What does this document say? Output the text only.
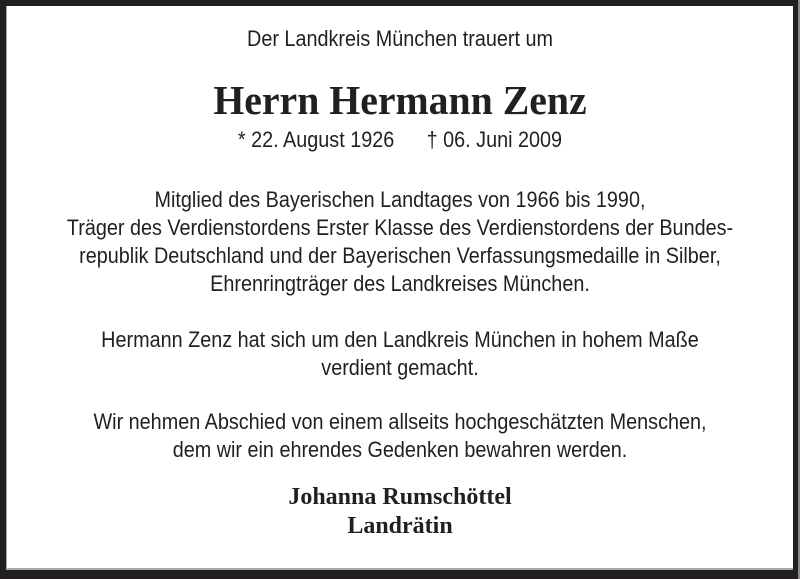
Der Landkreis München trauert um
Herrn Hermann Zenz
* 22. August 1926 † 06. Juni 2009
Mitglied des Bayerischen Landtages von 1966 bis 1990,
Träger des Verdienstordens Erster Klasse des Verdienstordens der Bundes-
republik Deutschland und der Bayerischen Verfassungsmedaille in Silber,
Ehrenringträger des Landkreises München.
Hermann Zenz hat sich um den Landkreis München in hohem Maße
verdient gemacht.
Wir nehmen Abschied von einem allseits hochgeschätzten Menschen,
dem wir ein ehrendes Gedenken bewahren werden.
Johanna Rumschöttel
Landrätin
